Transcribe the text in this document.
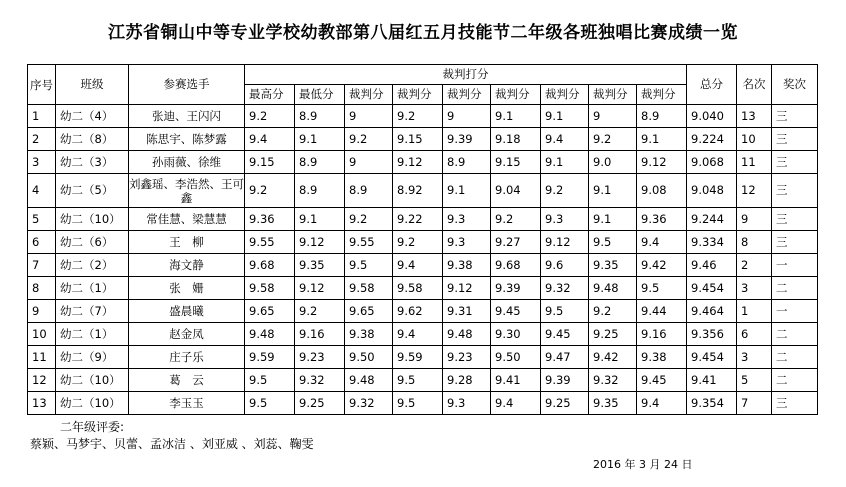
江苏省铜山中等专业学校幼教部第八届红五月技能节二年级各班独唱比赛成绩一览
序号	班级	参赛选手	裁判打分									总分	名次	奖次
			最高分	最低分	裁判分	裁判分	裁判分	裁判分	裁判分	裁判分	裁判分			
1	幼二（4）	张迪、王闪闪	9.2	8.9	9	9.2	9	9.1	9.1	9	8.9	9.040	13	三
2	幼二（8）	陈思宇、陈梦露	9.4	9.1	9.2	9.15	9.39	9.18	9.4	9.2	9.1	9.224	10	三
3	幼二（3）	孙雨薇、徐维	9.15	8.9	9	9.12	8.9	9.15	9.1	9.0	9.12	9.068	11	三
4	幼二（5）	刘鑫瑶、李浩然、王可鑫	9.2	8.9	8.9	8.92	9.1	9.04	9.2	9.1	9.08	9.048	12	三
5	幼二（10）	常佳慧、梁慧慧	9.36	9.1	9.2	9.22	9.3	9.2	9.3	9.1	9.36	9.244	9	三
6	幼二（6）	王　柳	9.55	9.12	9.55	9.2	9.3	9.27	9.12	9.5	9.4	9.334	8	三
7	幼二（2）	海文静	9.68	9.35	9.5	9.4	9.38	9.68	9.6	9.35	9.42	9.46	2	一
8	幼二（1）	张　姗	9.58	9.12	9.58	9.58	9.12	9.39	9.32	9.48	9.5	9.454	3	二
9	幼二（7）	盛晨曦	9.65	9.2	9.65	9.62	9.31	9.45	9.5	9.2	9.44	9.464	1	一
10	幼二（1）	赵金凤	9.48	9.16	9.38	9.4	9.48	9.30	9.45	9.25	9.16	9.356	6	二
11	幼二（9）	庄子乐	9.59	9.23	9.50	9.59	9.23	9.50	9.47	9.42	9.38	9.454	3	二
12	幼二（10）	葛　云	9.5	9.32	9.48	9.5	9.28	9.41	9.39	9.32	9.45	9.41	5	二
13	幼二（10）	李玉玉	9.5	9.25	9.32	9.5	9.3	9.4	9.25	9.35	9.4	9.354	7	三
二年级评委:
蔡颖、马梦宇、贝蕾、孟冰洁 、刘亚威 、刘蕊、鞠雯
2016 年 3 月 24 日
